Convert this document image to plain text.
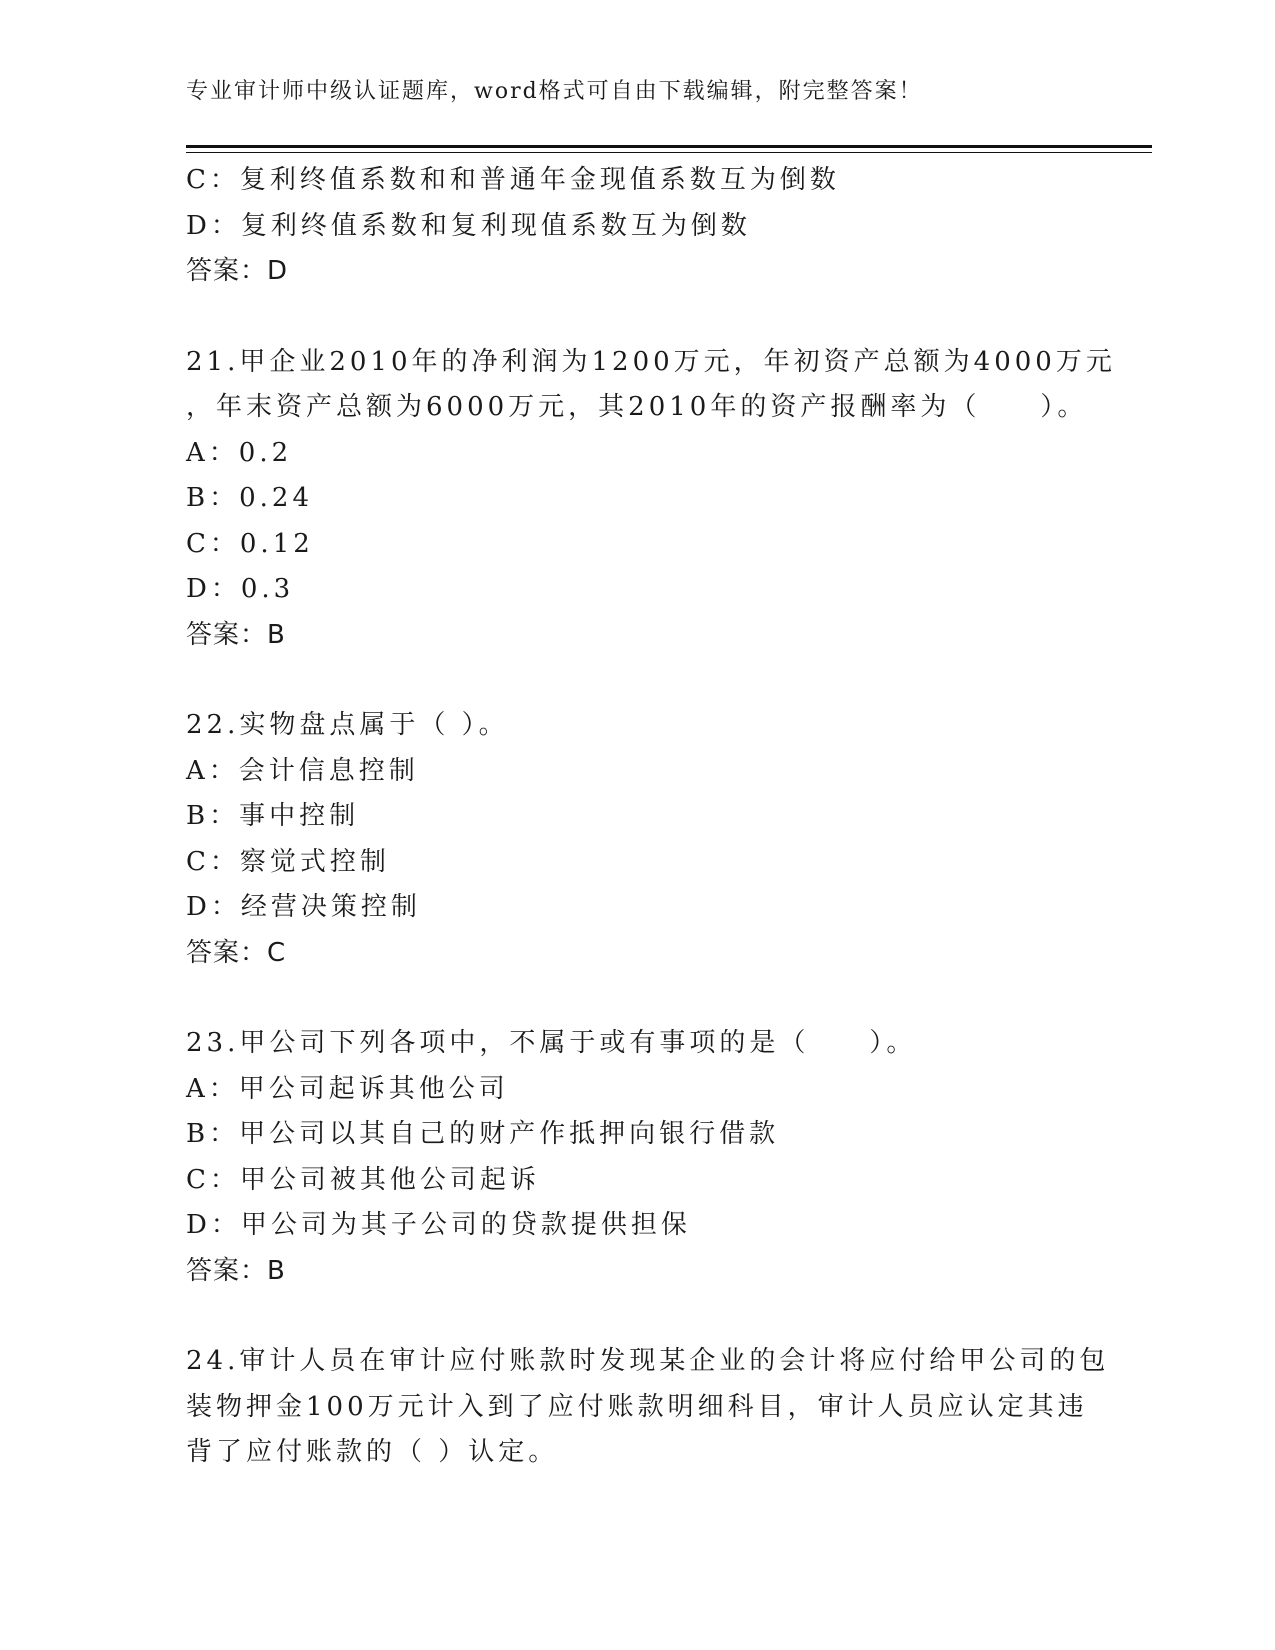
专业审计师中级认证题库，word格式可自由下载编辑，附完整答案！
C：复利终值系数和和普通年金现值系数互为倒数
D：复利终值系数和复利现值系数互为倒数
答案：D
21.甲企业2010年的净利润为1200万元，年初资产总额为4000万元
，年末资产总额为6000万元，其2010年的资产报酬率为（　　）。
A：0.2
B：0.24
C：0.12
D：0.3
答案：B
22.实物盘点属于（ ）。
A：会计信息控制
B：事中控制
C：察觉式控制
D：经营决策控制
答案：C
23.甲公司下列各项中，不属于或有事项的是（　　）。
A：甲公司起诉其他公司
B：甲公司以其自己的财产作抵押向银行借款
C：甲公司被其他公司起诉
D：甲公司为其子公司的贷款提供担保
答案：B
24.审计人员在审计应付账款时发现某企业的会计将应付给甲公司的包
装物押金100万元计入到了应付账款明细科目，审计人员应认定其违
背了应付账款的（ ）认定。
